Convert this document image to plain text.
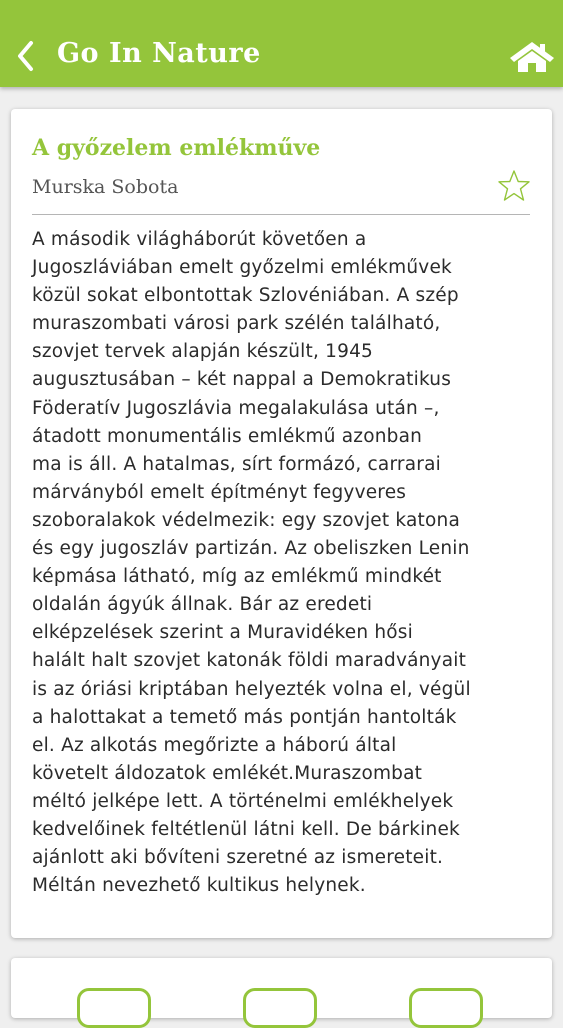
Go In Nature
A győzelem emlékműve
Murska Sobota

A második világháborút követően a
Jugoszláviában emelt győzelmi emlékművek
közül sokat elbontottak Szlovéniában. A szép
muraszombati városi park szélén található,
szovjet tervek alapján készült, 1945
augusztusában – két nappal a Demokratikus
Föderatív Jugoszlávia megalakulása után –,
átadott monumentális emlékmű azonban
ma is áll. A hatalmas, sírt formázó, carrarai
márványból emelt építményt fegyveres
szoboralakok védelmezik: egy szovjet katona
és egy jugoszláv partizán. Az obeliszken Lenin
képmása látható, míg az emlékmű mindkét
oldalán ágyúk állnak. Bár az eredeti
elképzelések szerint a Muravidéken hősi
halált halt szovjet katonák földi maradványait
is az óriási kriptában helyezték volna el, végül
a halottakat a temető más pontján hantolták
el. Az alkotás megőrizte a háború által
követelt áldozatok emlékét.Muraszombat
méltó jelképe lett. A történelmi emlékhelyek
kedvelőinek feltétlenül látni kell. De bárkinek
ajánlott aki bővíteni szeretné az ismereteit.
Méltán nevezhető kultikus helynek.
